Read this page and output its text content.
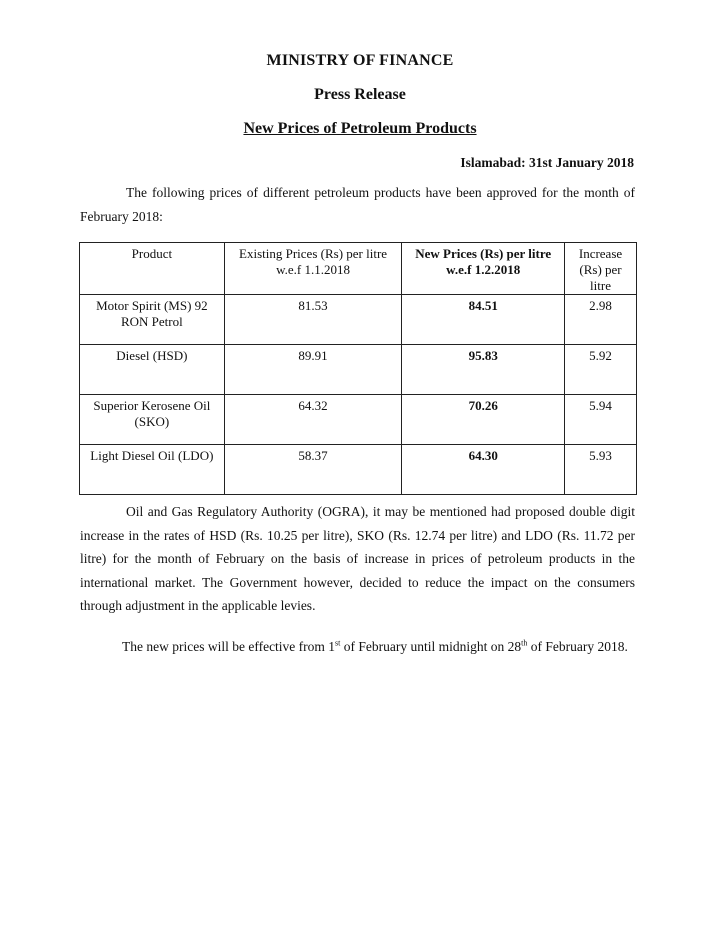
MINISTRY OF FINANCE
Press Release
New Prices of Petroleum Products
Islamabad: 31st January 2018

The following prices of different petroleum products have been approved for the month of February 2018:

Product	Existing Prices (Rs) per litre w.e.f 1.1.2018	New Prices (Rs) per litre w.e.f 1.2.2018	Increase (Rs) per litre
Motor Spirit (MS) 92 RON Petrol	81.53	84.51	2.98
Diesel (HSD)	89.91	95.83	5.92
Superior Kerosene Oil (SKO)	64.32	70.26	5.94
Light Diesel Oil (LDO)	58.37	64.30	5.93

Oil and Gas Regulatory Authority (OGRA), it may be mentioned had proposed double digit increase in the rates of HSD (Rs. 10.25 per litre), SKO (Rs. 12.74 per litre) and LDO (Rs. 11.72 per litre) for the month of February on the basis of increase in prices of petroleum products in the international market. The Government however, decided to reduce the impact on the consumers through adjustment in the applicable levies.

The new prices will be effective from 1st of February until midnight on 28th of February 2018.
